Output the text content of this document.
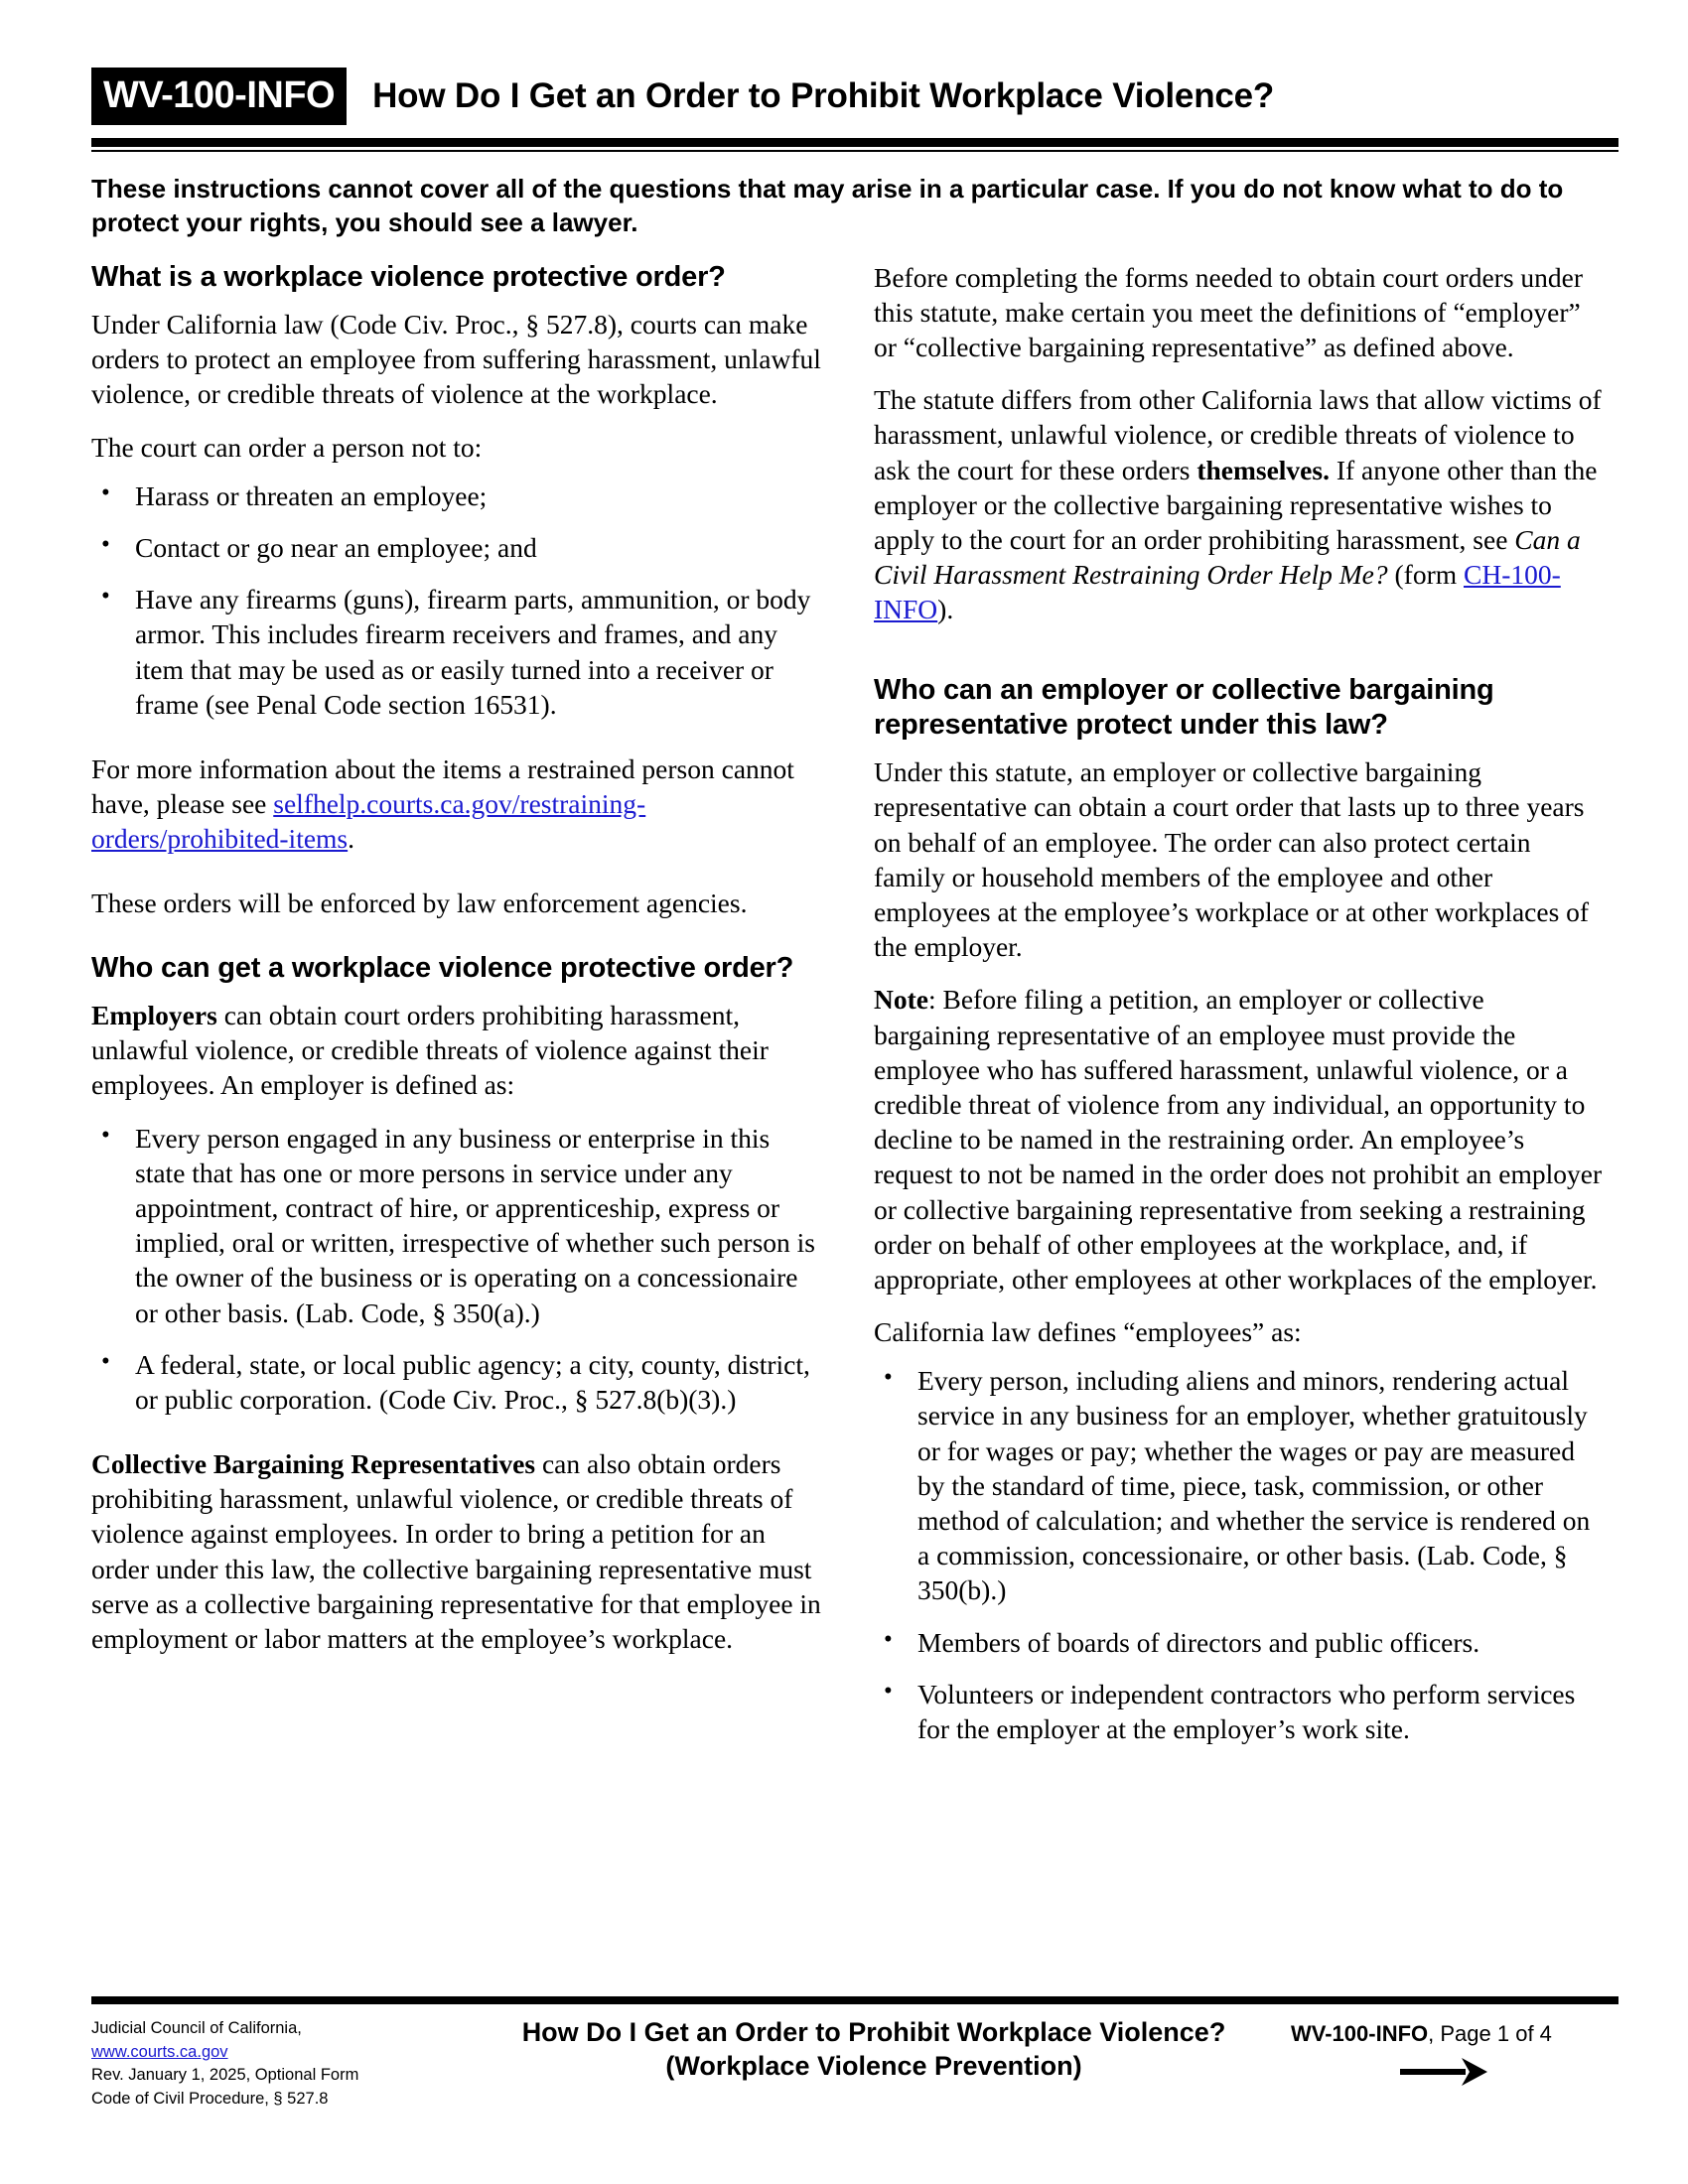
WV-100-INFO	How Do I Get an Order to Prohibit Workplace Violence?
These instructions cannot cover all of the questions that may arise in a particular case. If you do not know what to do to protect your rights, you should see a lawyer.
What is a workplace violence protective order?

Under California law (Code Civ. Proc., § 527.8), courts can make orders to protect an employee from suffering harassment, unlawful violence, or credible threats of violence at the workplace.

The court can order a person not to:

• Harass or threaten an employee;
• Contact or go near an employee; and
• Have any firearms (guns), firearm parts, ammunition, or body armor. This includes firearm receivers and frames, and any item that may be used as or easily turned into a receiver or frame (see Penal Code section 16531).

For more information about the items a restrained person cannot have, please see selfhelp.courts.ca.gov/restraining-orders/prohibited-items.

These orders will be enforced by law enforcement agencies.

Who can get a workplace violence protective order?

Employers can obtain court orders prohibiting harassment, unlawful violence, or credible threats of violence against their employees. An employer is defined as:

• Every person engaged in any business or enterprise in this state that has one or more persons in service under any appointment, contract of hire, or apprenticeship, express or implied, oral or written, irrespective of whether such person is the owner of the business or is operating on a concessionaire or other basis. (Lab. Code, § 350(a).)
• A federal, state, or local public agency; a city, county, district, or public corporation. (Code Civ. Proc., § 527.8(b)(3).)

Collective Bargaining Representatives can also obtain orders prohibiting harassment, unlawful violence, or credible threats of violence against employees. In order to bring a petition for an order under this law, the collective bargaining representative must serve as a collective bargaining representative for that employee in employment or labor matters at the employee’s workplace.

Before completing the forms needed to obtain court orders under this statute, make certain you meet the definitions of “employer” or “collective bargaining representative” as defined above.

The statute differs from other California laws that allow victims of harassment, unlawful violence, or credible threats of violence to ask the court for these orders themselves. If anyone other than the employer or the collective bargaining representative wishes to apply to the court for an order prohibiting harassment, see Can a Civil Harassment Restraining Order Help Me? (form CH-100-INFO).

Who can an employer or collective bargaining representative protect under this law?

Under this statute, an employer or collective bargaining representative can obtain a court order that lasts up to three years on behalf of an employee. The order can also protect certain family or household members of the employee and other employees at the employee’s workplace or at other workplaces of the employer.

Note: Before filing a petition, an employer or collective bargaining representative of an employee must provide the employee who has suffered harassment, unlawful violence, or a credible threat of violence from any individual, an opportunity to decline to be named in the restraining order. An employee’s request to not be named in the order does not prohibit an employer or collective bargaining representative from seeking a restraining order on behalf of other employees at the workplace, and, if appropriate, other employees at other workplaces of the employer.

California law defines “employees” as:

• Every person, including aliens and minors, rendering actual service in any business for an employer, whether gratuitously or for wages or pay; whether the wages or pay are measured by the standard of time, piece, task, commission, or other method of calculation; and whether the service is rendered on a commission, concessionaire, or other basis. (Lab. Code, § 350(b).)
• Members of boards of directors and public officers.
• Volunteers or independent contractors who perform services for the employer at the employer’s work site.
Judicial Council of California,
www.courts.ca.gov
Rev. January 1, 2025, Optional Form
Code of Civil Procedure, § 527.8
How Do I Get an Order to Prohibit Workplace Violence?
(Workplace Violence Prevention)
WV-100-INFO, Page 1 of 4
